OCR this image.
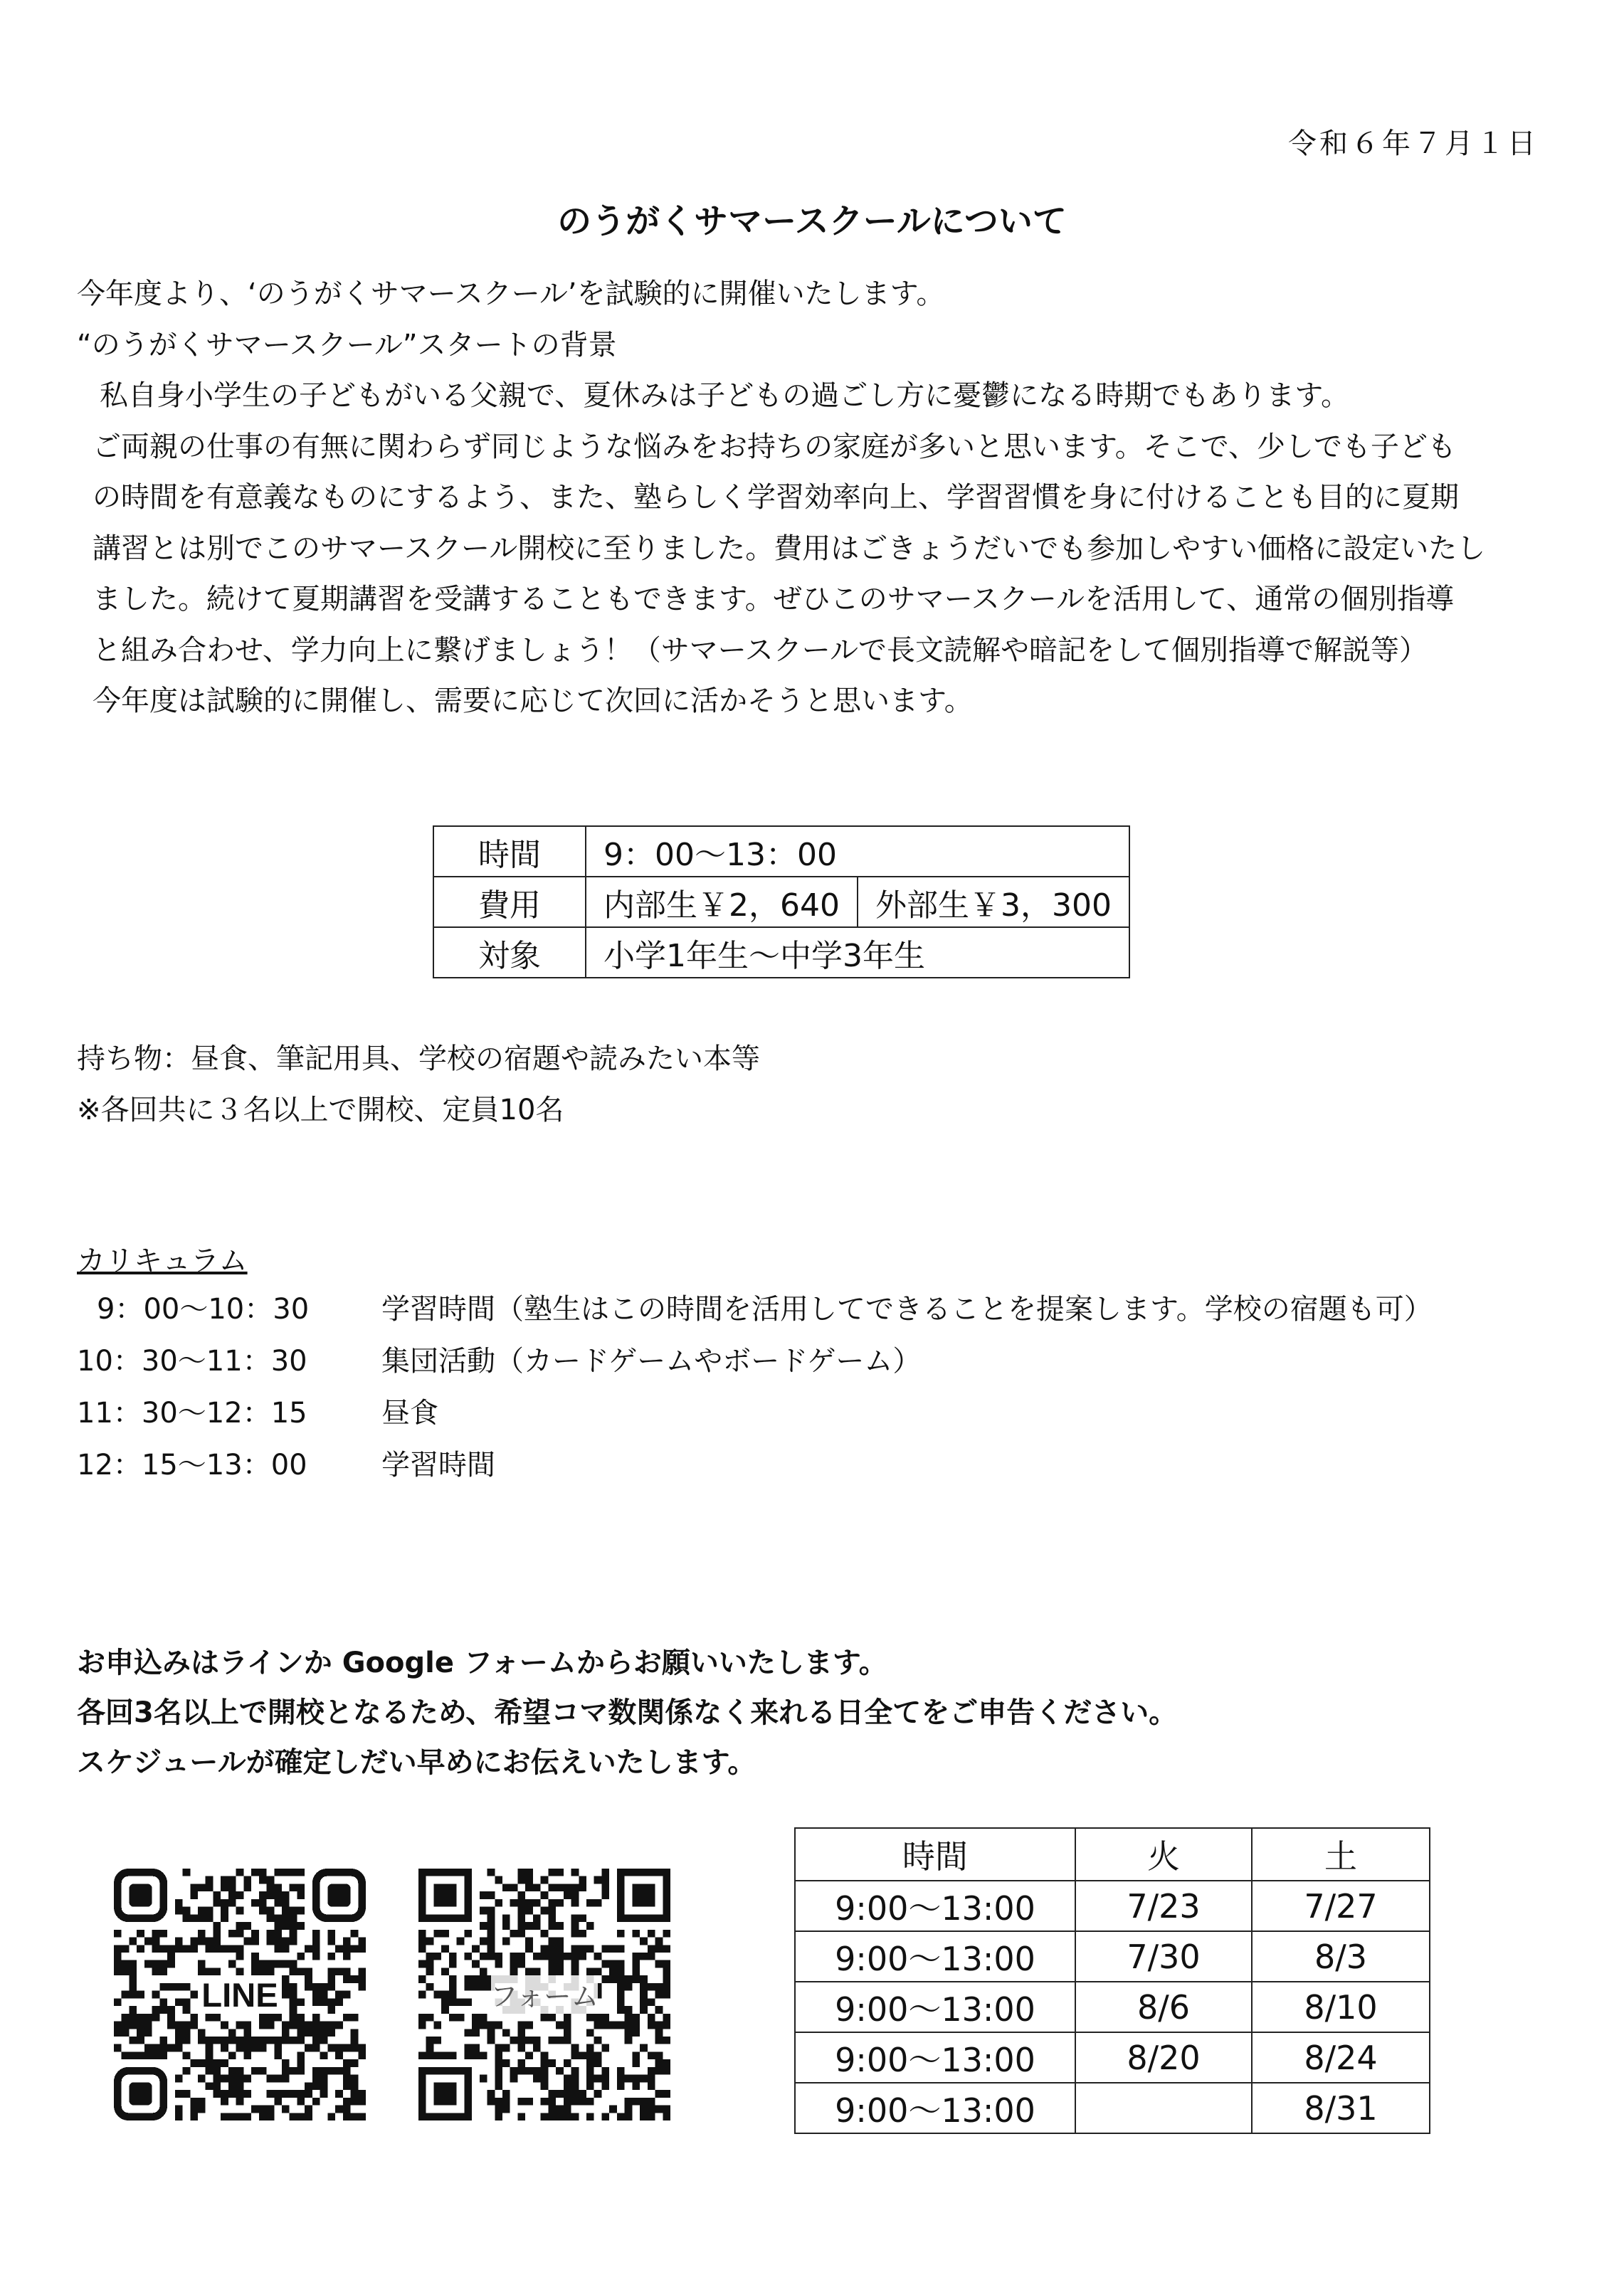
令和６年７月１日
のうがくサマースクールについて
今年度より、‘のうがくサマースクール’を試験的に開催いたします。
“のうがくサマースクール”スタートの背景
私自身小学生の子どもがいる父親で、夏休みは子どもの過ごし方に憂鬱になる時期でもあります。
ご両親の仕事の有無に関わらず同じような悩みをお持ちの家庭が多いと思います。そこで、少しでも子ども
の時間を有意義なものにするよう、また、塾らしく学習効率向上、学習習慣を身に付けることも目的に夏期
講習とは別でこのサマースクール開校に至りました。費用はごきょうだいでも参加しやすい価格に設定いたし
ました。続けて夏期講習を受講することもできます。ぜひこのサマースクールを活用して、通常の個別指導
と組み合わせ、学力向上に繋げましょう！（サマースクールで長文読解や暗記をして個別指導で解説等）
今年度は試験的に開催し、需要に応じて次回に活かそうと思います。
時間	9：00～13：00	
費用	内部生￥2，640	外部生￥3，300
対象	小学1年生～中学3年生	
持ち物：昼食、筆記用具、学校の宿題や読みたい本等
※各回共に３名以上で開校、定員10名
カリキュラム
9：00～10：30	学習時間（塾生はこの時間を活用してできることを提案します。学校の宿題も可）
10：30～11：30	集団活動（カードゲームやボードゲーム）
11：30～12：15	昼食
12：15～13：00	学習時間
お申込みはラインか Google フォームからお願いいたします。
各回3名以上で開校となるため、希望コマ数関係なく来れる日全てをご申告ください。
スケジュールが確定しだい早めにお伝えいたします。
LINE	フォーム
時間	火	土
9:00～13:00	7/23	7/27
9:00～13:00	7/30	8/3
9:00～13:00	8/6	8/10
9:00～13:00	8/20	8/24
9:00～13:00		8/31
